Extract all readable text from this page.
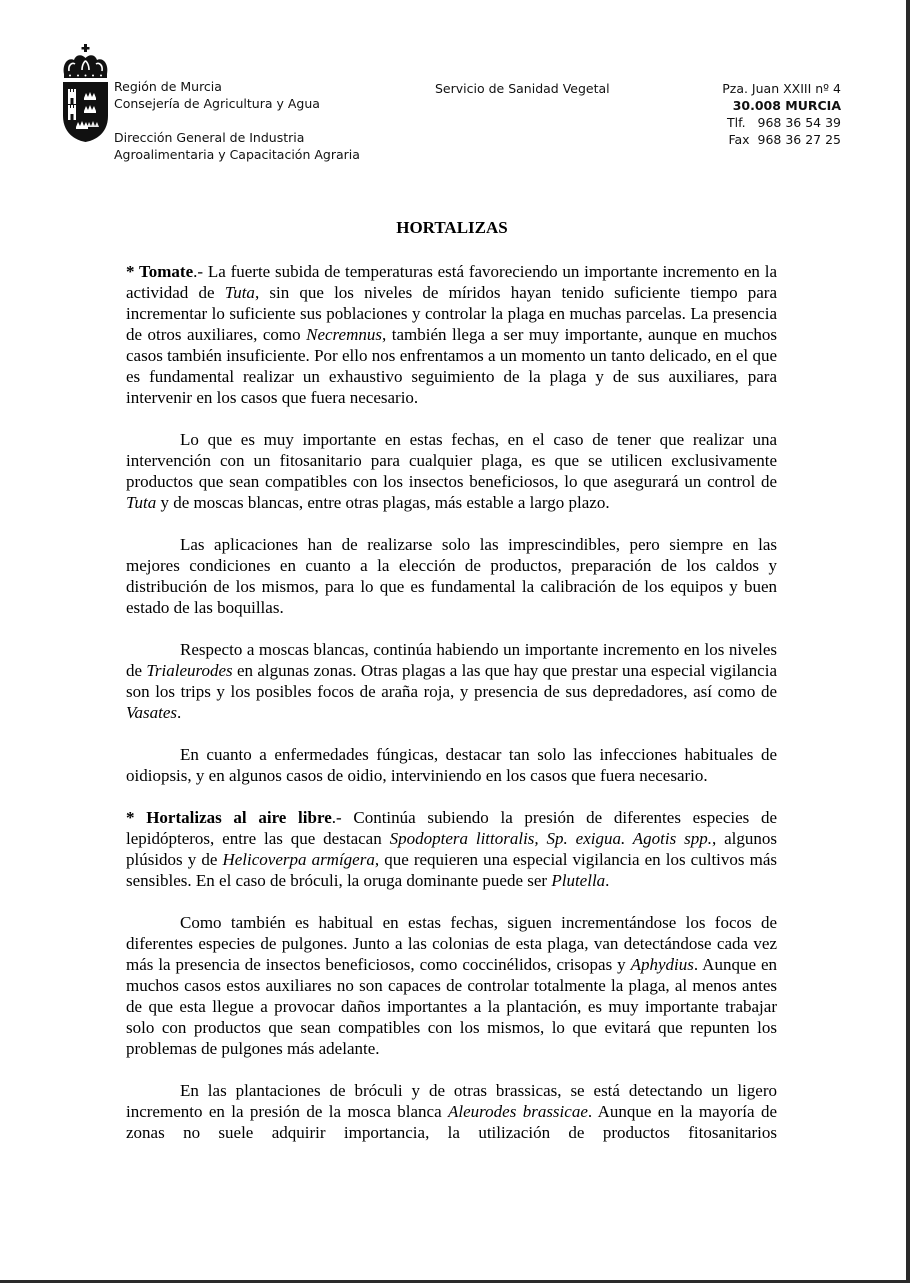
Región de Murcia
Consejería de Agricultura y Agua
Dirección General de Industria
Agroalimentaria y Capacitación Agraria
Servicio de Sanidad Vegetal	Pza. Juan XXIII nº 4
30.008 MURCIA
Tlf.   968 36 54 39
Fax  968 36 27 25
HORTALIZAS

* Tomate.- La fuerte subida de temperaturas está favoreciendo un importante incremento en la actividad de Tuta, sin que los niveles de míridos hayan tenido suficiente tiempo para incrementar lo suficiente sus poblaciones y controlar la plaga en muchas parcelas. La presencia de otros auxiliares, como Necremnus, también llega a ser muy importante, aunque en muchos casos también insuficiente. Por ello nos enfrentamos a un momento un tanto delicado, en el que es fundamental realizar un exhaustivo seguimiento de la plaga y de sus auxiliares, para intervenir en los casos que fuera necesario.

Lo que es muy importante en estas fechas, en el caso de tener que realizar una intervención con un fitosanitario para cualquier plaga, es que se utilicen exclusivamente productos que sean compatibles con los insectos beneficiosos, lo que asegurará un control de Tuta y de moscas blancas, entre otras plagas, más estable a largo plazo.

Las aplicaciones han de realizarse solo las imprescindibles, pero siempre en las mejores condiciones en cuanto a la elección de productos, preparación de los caldos y distribución de los mismos, para lo que es fundamental la calibración de los equipos y buen estado de las boquillas.

Respecto a moscas blancas, continúa habiendo un importante incremento en los niveles de Trialeurodes en algunas zonas. Otras plagas a las que hay que prestar una especial vigilancia son los trips y los posibles focos de araña roja, y presencia de sus depredadores, así como de Vasates.

En cuanto a enfermedades fúngicas, destacar tan solo las infecciones habituales de oidiopsis, y en algunos casos de oidio, interviniendo en los casos que fuera necesario.

* Hortalizas al aire libre.- Continúa subiendo la presión de diferentes especies de lepidópteros, entre las que destacan Spodoptera littoralis, Sp. exigua. Agotis spp., algunos plúsidos y de Helicoverpa armígera, que requieren una especial vigilancia en los cultivos más sensibles. En el caso de bróculi, la oruga dominante puede ser Plutella.

Como también es habitual en estas fechas, siguen incrementándose los focos de diferentes especies de pulgones. Junto a las colonias de esta plaga, van detectándose cada vez más la presencia de insectos beneficiosos, como coccinélidos, crisopas y Aphydius. Aunque en muchos casos estos auxiliares no son capaces de controlar totalmente la plaga, al menos antes de que esta llegue a provocar daños importantes a la plantación, es muy importante trabajar solo con productos que sean compatibles con los mismos, lo que evitará que repunten los problemas de pulgones más adelante.

En las plantaciones de bróculi y de otras brassicas, se está detectando un ligero incremento en la presión de la mosca blanca Aleurodes brassicae. Aunque en la mayoría de zonas no suele adquirir importancia, la utilización de productos fitosanitarios
